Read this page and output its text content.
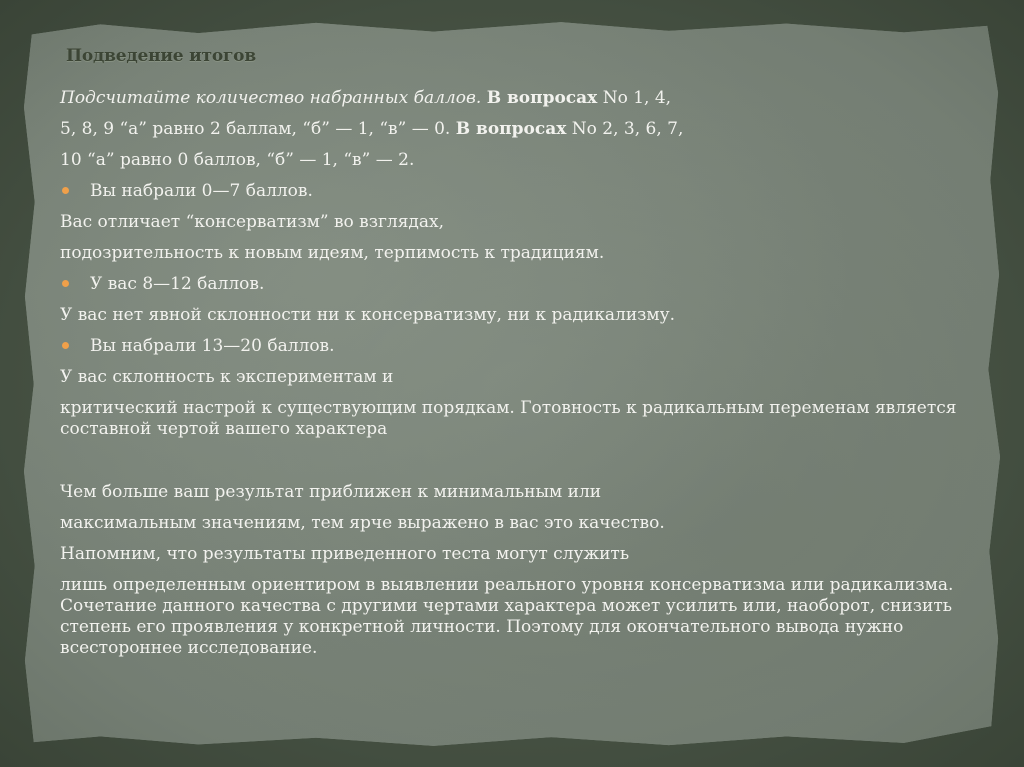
Подведение итогов
Подсчитайте количество набранных баллов. В вопросах No 1, 4,
5, 8, 9 “а” равно 2 баллам, “б” — 1, “в” — 0. В вопросах No 2, 3, 6, 7,
10 “а” равно 0 баллов, “б” — 1, “в” — 2.
Вы набрали 0—7 баллов.
Вас отличает “консерватизм” во взглядах,
подозрительность к новым идеям, терпимость к традициям.
У вас 8—12 баллов.
У вас нет явной склонности ни к консерватизму, ни к радикализму.
Вы набрали 13—20 баллов.
У вас склонность к экспериментам и
критический настрой к существующим порядкам. Готовность к радикальным переменам является составной чертой вашего характера
Чем больше ваш результат приближен к минимальным или
максимальным значениям, тем ярче выражено в вас это качество.
Напомним, что результаты приведенного теста могут служить
лишь определенным ориентиром в выявлении реального уровня консерватизма или радикализма. Сочетание данного качества с другими чертами характера может усилить или, наоборот, снизить степень его проявления у конкретной личности. Поэтому для окончательного вывода нужно всестороннее исследование.
